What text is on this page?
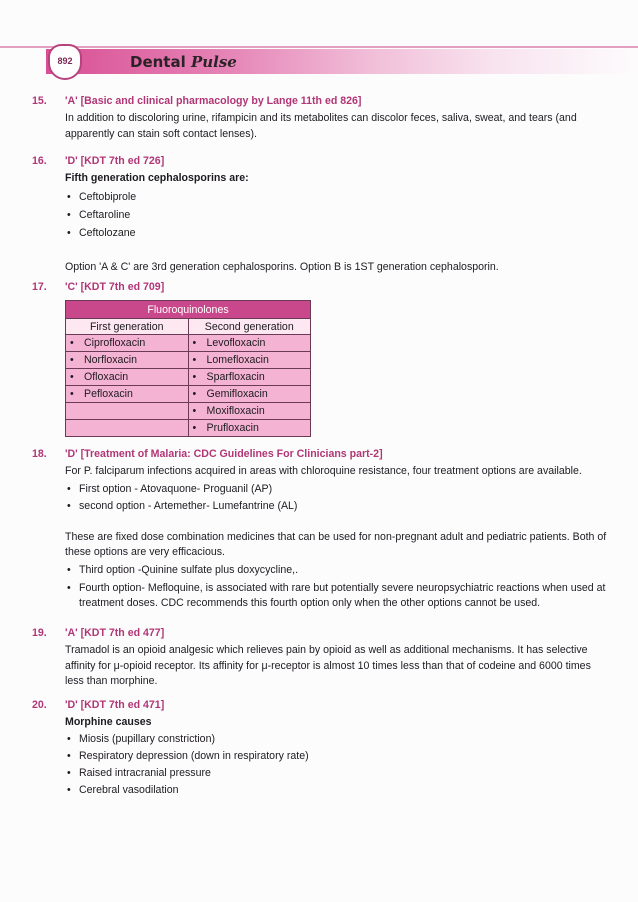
892	Dental Pulse
15. 'A' [Basic and clinical pharmacology by Lange 11th ed 826]
In addition to discoloring urine, rifampicin and its metabolites can discolor feces, saliva, sweat, and tears (and
apparently can stain soft contact lenses).
16. 'D' [KDT 7th ed 726]
Fifth generation cephalosporins are:
• Ceftobiprole
• Ceftaroline
• Ceftolozane
Option 'A & C' are 3rd generation cephalosporins. Option B is 1ST generation cephalosporin.
17. 'C' [KDT 7th ed 709]
Fluoroquinolones	
First generation	Second generation
• Ciprofloxacin	• Levofloxacin
• Norfloxacin	• Lomefloxacin
• Ofloxacin	• Sparfloxacin
• Pefloxacin	• Gemifloxacin
	• Moxifloxacin
	• Prufloxacin
18. 'D' [Treatment of Malaria: CDC Guidelines For Clinicians part-2]
For P. falciparum infections acquired in areas with chloroquine resistance, four treatment options are available.
• First option - Atovaquone- Proguanil (AP)
• second option - Artemether- Lumefantrine (AL)
These are fixed dose combination medicines that can be used for non-pregnant adult and pediatric patients. Both of
these options are very efficacious.
• Third option -Quinine sulfate plus doxycycline,.
• Fourth option- Mefloquine, is associated with rare but potentially severe neuropsychiatric reactions when used at
treatment doses. CDC recommends this fourth option only when the other options cannot be used.
19. 'A' [KDT 7th ed 477]
Tramadol is an opioid analgesic which relieves pain by opioid as well as additional mechanisms. It has selective
affinity for μ-opioid receptor. Its affinity for μ-receptor is almost 10 times less than that of codeine and 6000 times
less than morphine.
20. 'D' [KDT 7th ed 471]
Morphine causes
• Miosis (pupillary constriction)
• Respiratory depression (down in respiratory rate)
• Raised intracranial pressure
• Cerebral vasodilation
